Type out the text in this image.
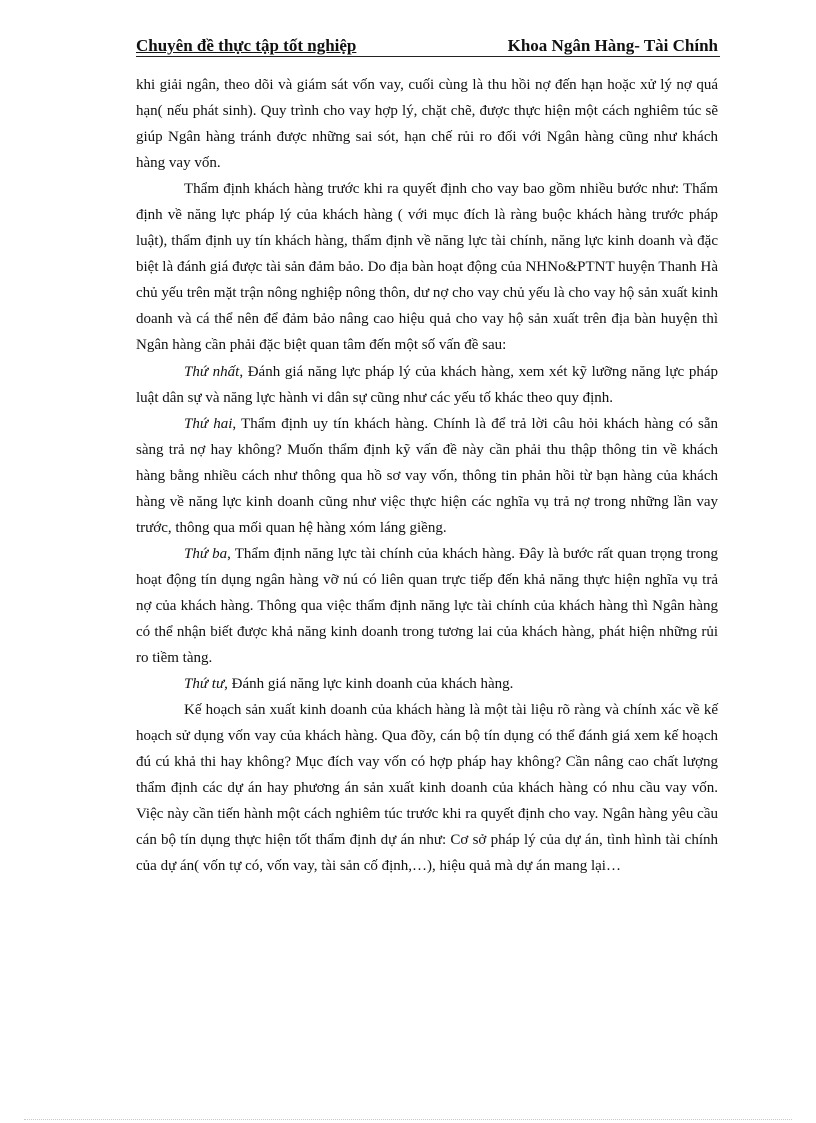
Chuyên đề thực tập tốt nghiệp	Khoa Ngân Hàng- Tài Chính

khi giải ngân, theo dõi và giám sát vốn vay, cuối cùng là thu hồi nợ đến hạn hoặc xử lý nợ quá hạn( nếu phát sinh). Quy trình cho vay hợp lý, chặt chẽ, được thực hiện một cách nghiêm túc sẽ giúp Ngân hàng tránh được những sai sót, hạn chế rủi ro đối với Ngân hàng cũng như khách hàng vay vốn.

Thẩm định khách hàng trước khi ra quyết định cho vay bao gồm nhiều bước như: Thẩm định về năng lực pháp lý của khách hàng ( với mục đích là ràng buộc khách hàng trước pháp luật), thẩm định uy tín khách hàng, thẩm định về năng lực tài chính, năng lực kinh doanh và đặc biệt là đánh giá được tài sản đảm bảo. Do địa bàn hoạt động của NHNo&PTNT huyện Thanh Hà chủ yếu trên mặt trận nông nghiệp nông thôn, dư nợ cho vay chủ yếu là cho vay hộ sản xuất kinh doanh và cá thể nên để đảm bảo nâng cao hiệu quả cho vay hộ sản xuất trên địa bàn huyện thì Ngân hàng cần phải đặc biệt quan tâm đến một số vấn đề sau:

Thứ nhất, Đánh giá năng lực pháp lý của khách hàng, xem xét kỹ lưỡng năng lực pháp luật dân sự và năng lực hành vi dân sự cũng như các yếu tố khác theo quy định.

Thứ hai, Thẩm định uy tín khách hàng. Chính là để trả lời câu hỏi khách hàng có sẵn sàng trả nợ hay không? Muốn thẩm định kỹ vấn đề này cần phải thu thập thông tin về khách hàng bằng nhiều cách như thông qua hồ sơ vay vốn, thông tin phản hồi từ bạn hàng của khách hàng về năng lực kinh doanh cũng như việc thực hiện các nghĩa vụ trả nợ trong những lần vay trước, thông qua mối quan hệ hàng xóm láng giềng.

Thứ ba, Thẩm định năng lực tài chính của khách hàng. Đây là bước rất quan trọng trong hoạt động tín dụng ngân hàng vỡ nú có liên quan trực tiếp đến khả năng thực hiện nghĩa vụ trả nợ của khách hàng. Thông qua việc thẩm định năng lực tài chính của khách hàng thì Ngân hàng có thể nhận biết được khả năng kinh doanh trong tương lai của khách hàng, phát hiện những rủi ro tiềm tàng.

Thứ tư, Đánh giá năng lực kinh doanh của khách hàng.

Kế hoạch sản xuất kinh doanh của khách hàng là một tài liệu rõ ràng và chính xác về kế hoạch sử dụng vốn vay của khách hàng. Qua đõy, cán bộ tín dụng có thể đánh giá xem kế hoạch đú cú khả thi hay không? Mục đích vay vốn có hợp pháp hay không? Cần nâng cao chất lượng thẩm định các dự án hay phương án sản xuất kinh doanh của khách hàng có nhu cầu vay vốn. Việc này cần tiến hành một cách nghiêm túc trước khi ra quyết định cho vay. Ngân hàng yêu cầu cán bộ tín dụng thực hiện tốt thẩm định dự án như: Cơ sở pháp lý của dự án, tình hình tài chính của dự án( vốn tự có, vốn vay, tài sản cố định,…), hiệu quả mà dự án mang lại…
